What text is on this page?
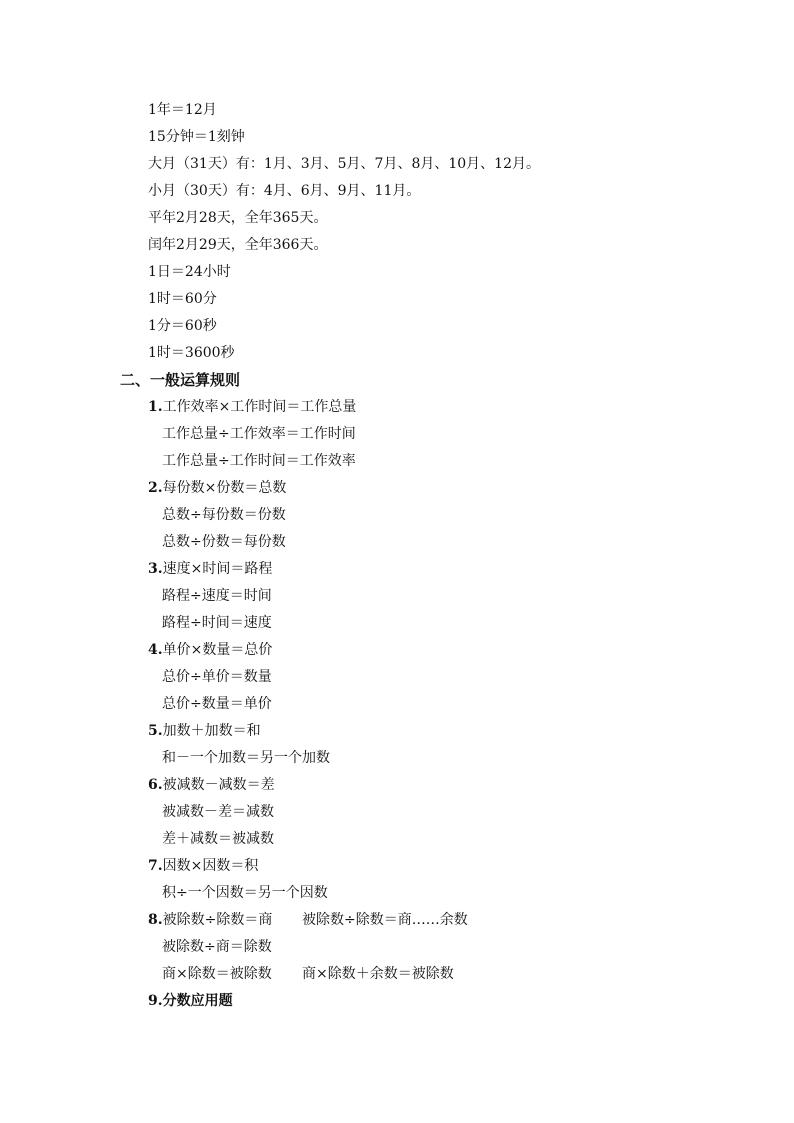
1年＝12月
15分钟＝1刻钟
大月（31天）有：1月、3月、5月、7月、8月、10月、12月。
小月（30天）有：4月、6月、9月、11月。
平年2月28天，全年365天。
闰年2月29天，全年366天。
1日＝24小时
1时＝60分
1分＝60秒
1时＝3600秒
二、一般运算规则
1.工作效率×工作时间＝工作总量
工作总量÷工作效率＝工作时间
工作总量÷工作时间＝工作效率
2.每份数×份数＝总数
总数÷每份数＝份数
总数÷份数＝每份数
3.速度×时间＝路程
路程÷速度＝时间
路程÷时间＝速度
4.单价×数量＝总价
总价÷单价＝数量
总价÷数量＝单价
5.加数＋加数＝和
和－一个加数＝另一个加数
6.被减数－减数＝差
被减数－差＝减数
差＋减数＝被减数
7.因数×因数＝积
积÷一个因数＝另一个因数
8.被除数÷除数＝商 被除数÷除数＝商……余数
被除数÷商＝除数
商×除数＝被除数 商×除数＋余数＝被除数
9.分数应用题
